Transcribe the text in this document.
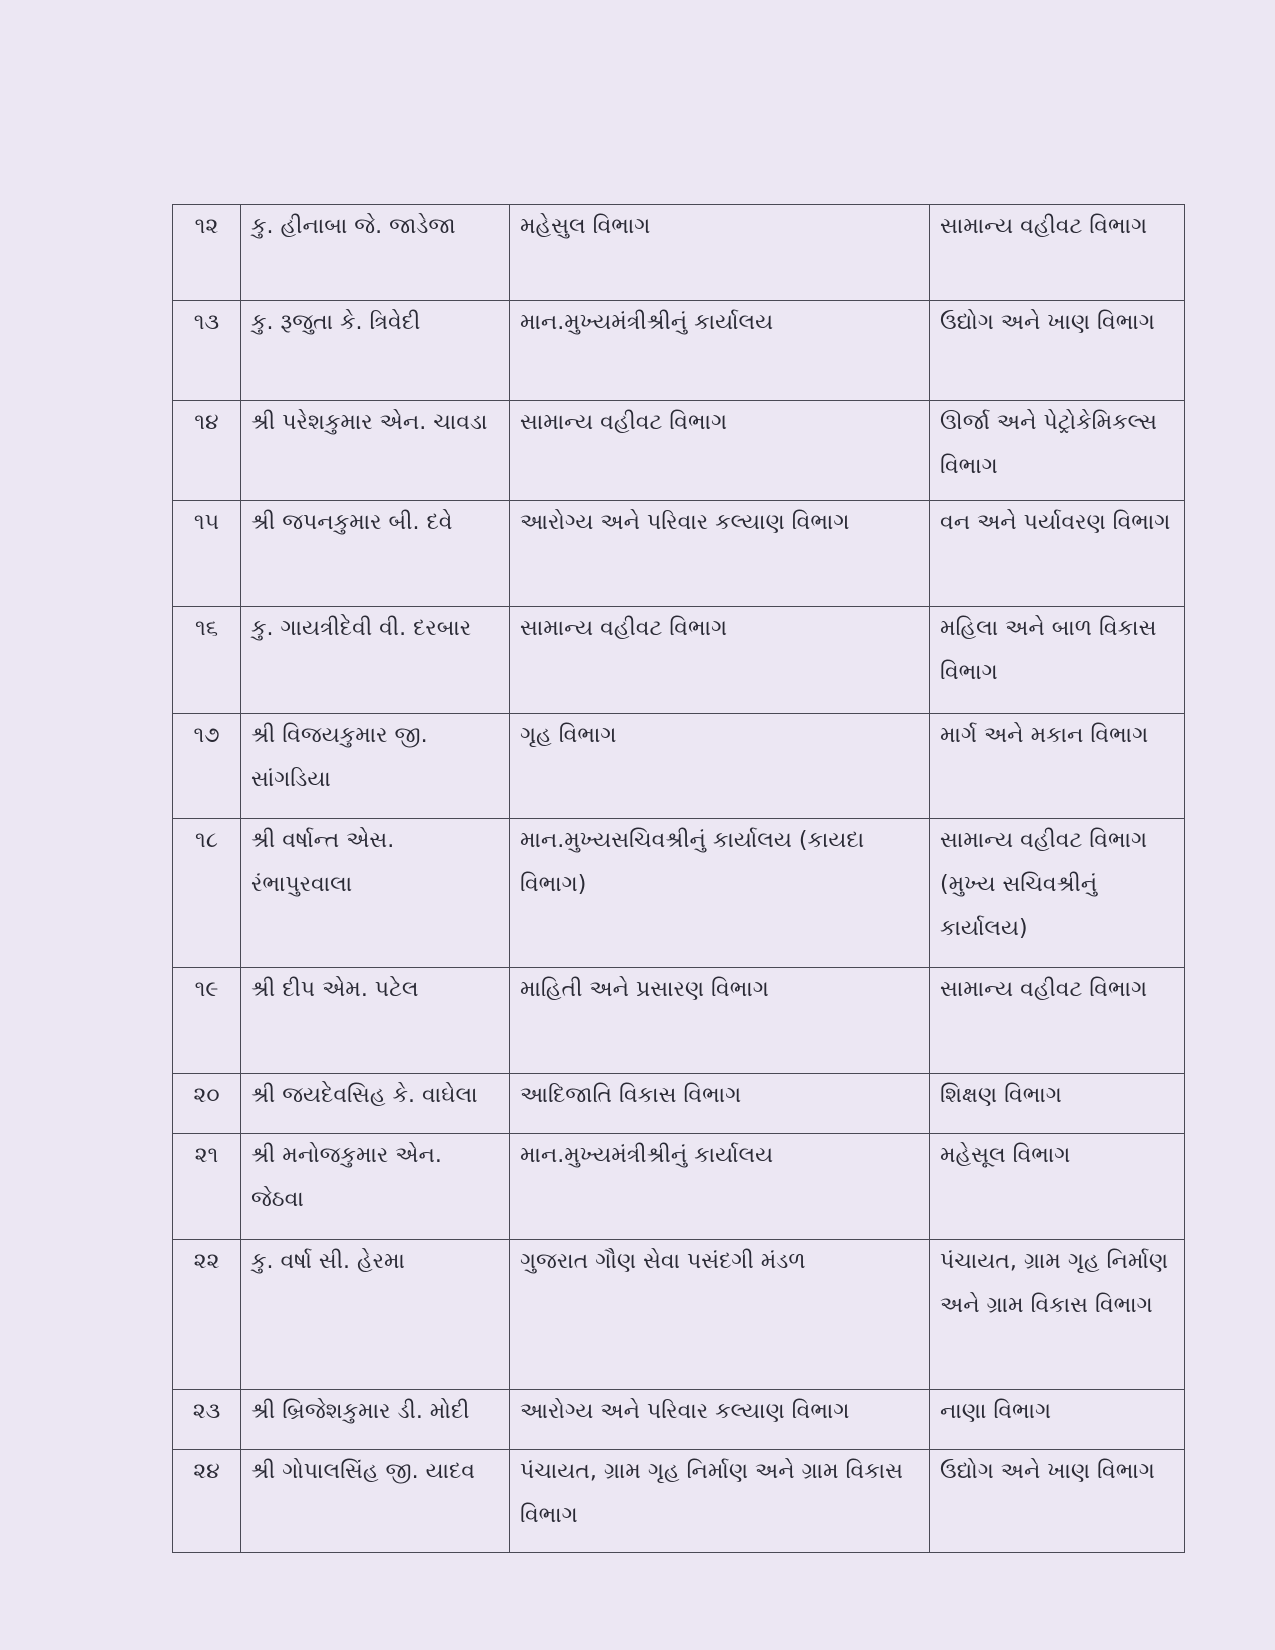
૧૨	કુ. હીનાબા જે. જાડેજા	મહેસુલ વિભાગ	સામાન્ય વહીવટ વિભાગ
૧૩	કુ. રૂજુતા કે. ત્રિવેદી	માન.મુખ્યમંત્રીશ્રીનું કાર્યાલય	ઉદ્યોગ અને ખાણ વિભાગ
૧૪	શ્રી પરેશકુમાર એન. ચાવડા	સામાન્ય વહીવટ વિભાગ	ઊર્જા અને પેટ્રોકેમિકલ્સ વિભાગ
૧૫	શ્રી જપનકુમાર બી. દવે	આરોગ્ય અને પરિવાર કલ્યાણ વિભાગ	વન અને પર્યાવરણ વિભાગ
૧૬	કુ. ગાયત્રીદેવી વી. દરબાર	સામાન્ય વહીવટ વિભાગ	મહિલા અને બાળ વિકાસ વિભાગ
૧૭	શ્રી વિજયકુમાર જી. સાંગડિયા	ગૃહ વિભાગ	માર્ગ અને મકાન વિભાગ
૧૮	શ્રી વર્ષાન્ત એસ. રંભાપુરવાલા	માન.મુખ્યસચિવશ્રીનું કાર્યાલય (કાયદા વિભાગ)	સામાન્ય વહીવટ વિભાગ (મુખ્ય સચિવશ્રીનું કાર્યાલય)
૧૯	શ્રી દીપ એમ. પટેલ	માહિતી અને પ્રસારણ વિભાગ	સામાન્ય વહીવટ વિભાગ
૨૦	શ્રી જયદેવસિહ કે. વાઘેલા	આદિજાતિ વિકાસ વિભાગ	શિક્ષણ વિભાગ
૨૧	શ્રી મનોજકુમાર એન. જેઠવા	માન.મુખ્યમંત્રીશ્રીનું કાર્યાલય	મહેસૂલ વિભાગ
૨૨	કુ. વર્ષા સી. હેરમા	ગુજરાત ગૌણ સેવા પસંદગી મંડળ	પંચાયત, ગ્રામ ગૃહ નિર્માણ અને ગ્રામ વિકાસ વિભાગ
૨૩	શ્રી બ્રિજેશકુમાર ડી. મોદી	આરોગ્ય અને પરિવાર કલ્યાણ વિભાગ	નાણા વિભાગ
૨૪	શ્રી ગોપાલસિંહ જી. યાદવ	પંચાયત, ગ્રામ ગૃહ નિર્માણ અને ગ્રામ વિકાસ વિભાગ	ઉદ્યોગ અને ખાણ વિભાગ
